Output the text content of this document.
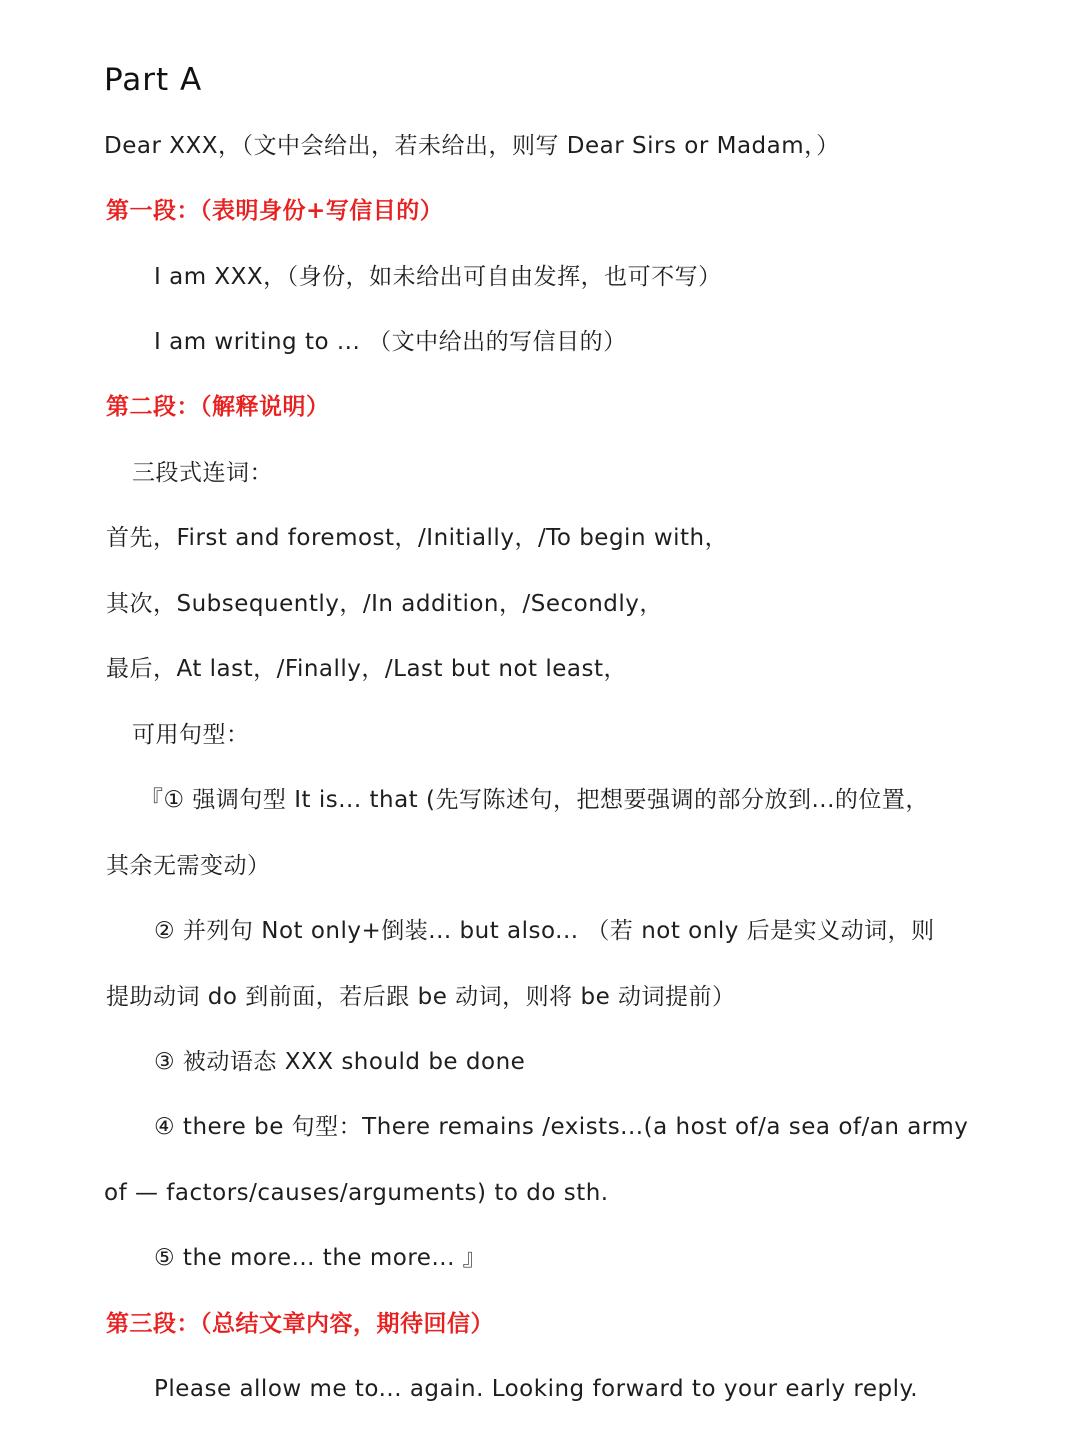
Part A
Dear XXX，（文中会给出，若未给出，则写 Dear Sirs or Madam，）
第一段：（表明身份+写信目的）
I am XXX，（身份，如未给出可自由发挥，也可不写）
I am writing to ... （文中给出的写信目的）
第二段：（解释说明）
三段式连词：
首先，First and foremost，/Initially，/To begin with，
其次，Subsequently，/In addition，/Secondly，
最后，At last，/Finally，/Last but not least，
可用句型：
『① 强调句型 It is... that (先写陈述句，把想要强调的部分放到...的位置，
其余无需变动）
② 并列句 Not only+倒装... but also... （若 not only 后是实义动词，则
提助动词 do 到前面，若后跟 be 动词，则将 be 动词提前）
③ 被动语态 XXX should be done
④ there be 句型：There remains /exists...(a host of/a sea of/an army
of — factors/causes/arguments) to do sth.
⑤ the more... the more... 』
第三段：（总结文章内容，期待回信）
Please allow me to... again. Looking forward to your early reply.
